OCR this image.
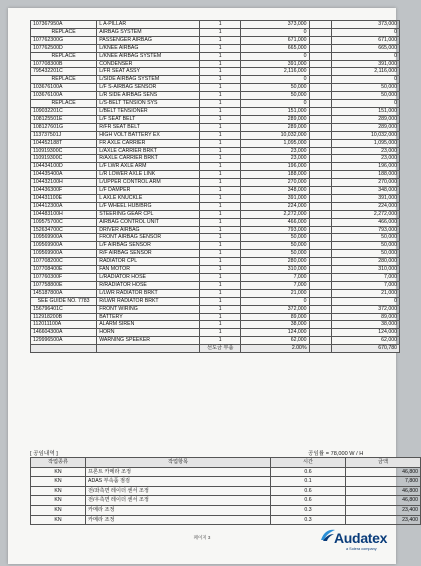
107367950A	L A-PILLAR	1	373,000		373,000
REPLACE	AIRBAG SYSTEM	1	0		0
107762300G	PASSENGER AIRBAG	1	671,000		671,000
107762500D	L/KNEE AIRBAG	1	665,000		665,000
REPLACE	L/KNEE AIRBAG SYSTEM	1	0		0
107708300B	CONDENSER	1	391,000		391,000
795432201C	L/FR SEAT ASSY	1	2,116,000		2,116,000
REPLACE	L/SIDE AIRBAG SYSTEM	1	0		0
103676100A	L/F S-AIRBAG SENSOR	1	50,000		50,000
103676100A	L/R SIDE AIRBAG SENS	1	50,000		50,000
REPLACE	L/S-BELT TENSION SYS	1	0		0
109032201C	L/BELT TENSIONER	1	151,000		151,000
108125501E	L/F SEAT BELT	1	289,000		289,000
108127601G	R/FR SEAT BELT	1	289,000		289,000
113737501J	HIGH VOLT BATTERY EX	1	10,032,000		10,032,000
104452188T	FR AXLE CARRIER	1	1,095,000		1,095,000
110919300C	L/AXLE CARRIER BRKT	1	23,000		23,000
110919300C	R/AXLE CARRIER BRKT	1	23,000		23,000
104434100D	L/F LWR AXLE ARM	1	196,000		196,000
104435400A	L/R LOWER AXLE LINK	1	188,000		188,000
104432100H	L/UPPER CONTROL ARM	1	270,000		270,000
104436300F	L/F DAMPER	1	348,000		348,000
104431100E	L AXLE KNUCKLE	1	391,000		391,000
104412300A	L/F WHEEL HUB/BRG	1	224,000		224,000
104483100H	STEERING GEAR CPL	1	2,272,000		2,272,000
109575700C	AIRBAG CONTROL UNIT	1	466,000		466,000
152634700C	DRIVER AIRBAG	1	793,000		793,000
109569900A	FRONT AIRBAG SENSOR	1	50,000		50,000
109569900A	L/F AIRBAG SENSOR	1	50,000		50,000
109569900A	R/F AIRBAG SENSOR	1	50,000		50,000
107708200C	RADIATOR CPL	1	280,000		280,000
107708400E	FAN MOTOR	1	310,000		310,000
107760300F	L/RADIATOR HOSE	1	7,000		7,000
107758800E	R/RADIATOR HOSE	1	7,000		7,000
145187800A	L/LWR RADIATOR BRKT	1	21,000		21,000
SEE GUIDE NO. 7783	R/LWR RADIATOR BRKT	1	0		0
156796401C	FRONT WIRING	1	372,000		372,000
112918200B	BATTERY	1	89,000		89,000
112011100A	ALARM SIREN	1	38,000		38,000
146604300A	HORN	1	124,000		124,000
129996500A	WARNING SPEEKER	1	62,000		62,000
		선도금 부품	2.00%		670,780
[ 공임내역 ]	공임률 = 78,000 W / H
작업종류	작업항목	시간	금액
KN	프론트 카메라 조정	0.6	46,800
KN	ADAS 부속품 점검	0.1	7,800
KN	전/좌측면 레이더 센서 조정	0.6	46,800
KN	전/우측면 레이더 센서 조정	0.6	46,800
KN	카메라 조정	0.3	23,400
KN	카메라 조정	0.3	23,400
페이지 3	Audatex
a Solera company
